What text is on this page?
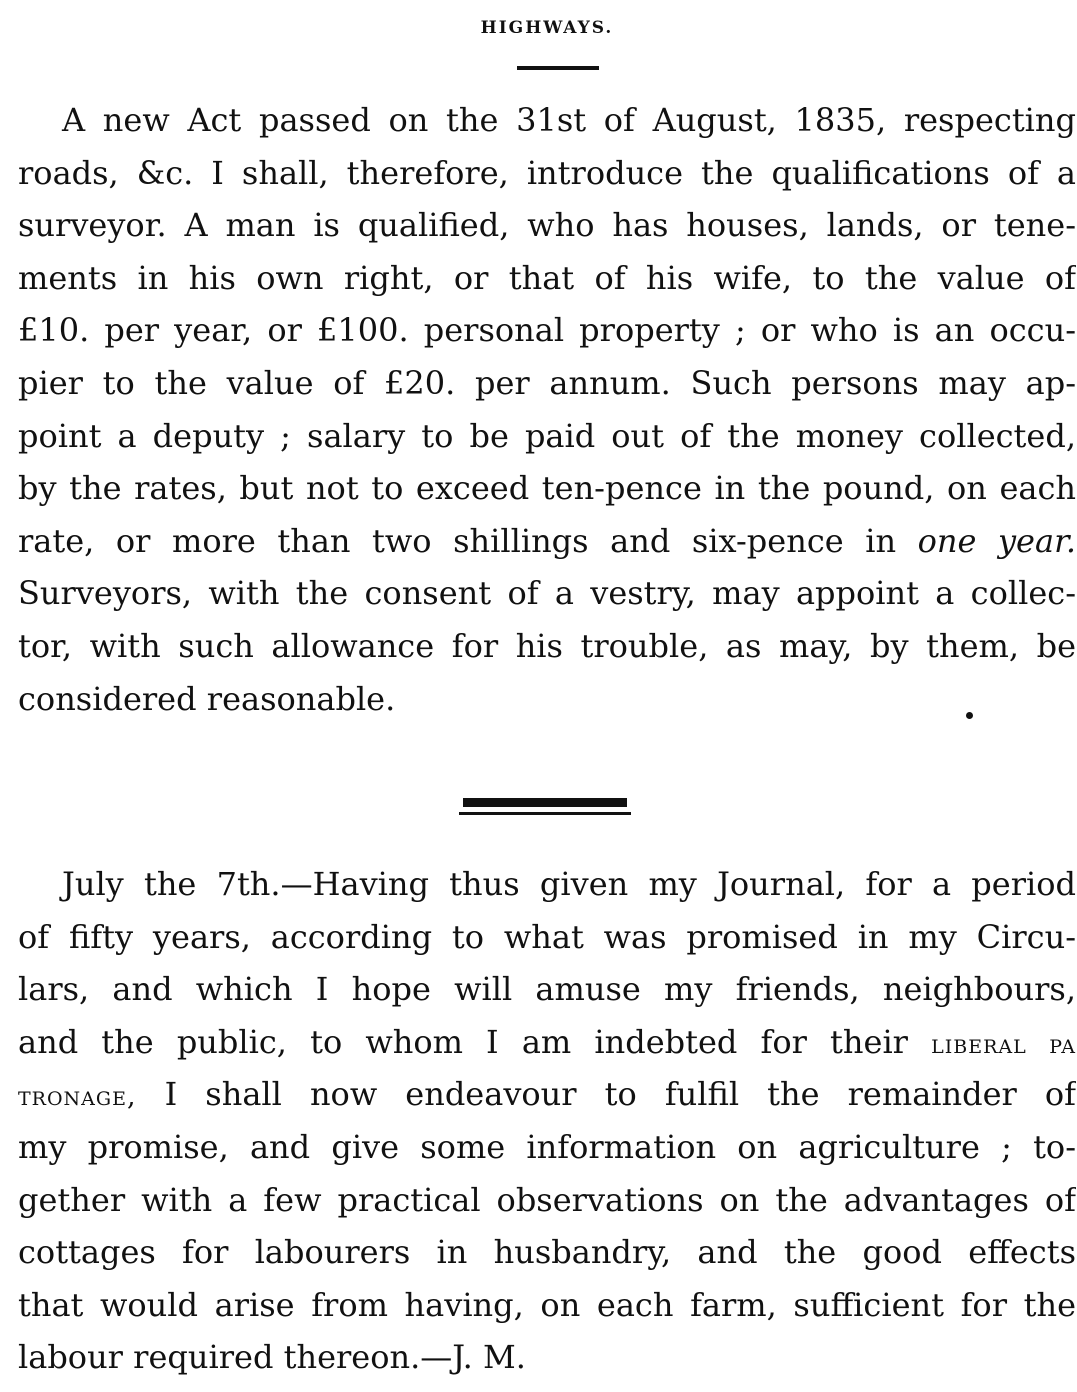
HIGHWAYS.
A new Act passed on the 31st of August, 1835, respecting
roads, &c. I shall, therefore, introduce the qualifications of a
surveyor. A man is qualified, who has houses, lands, or tene-
ments in his own right, or that of his wife, to the value of
£10. per year, or £100. personal property ; or who is an occu-
pier to the value of £20. per annum. Such persons may ap-
point a deputy ; salary to be paid out of the money collected,
by the rates, but not to exceed ten-pence in the pound, on each
rate, or more than two shillings and six-pence in one year.
Surveyors, with the consent of a vestry, may appoint a collec-
tor, with such allowance for his trouble, as may, by them, be
considered reasonable.
July the 7th.—Having thus given my Journal, for a period
of fifty years, according to what was promised in my Circu-
lars, and which I hope will amuse my friends, neighbours,
and the public, to whom I am indebted for their liberal pa
tronage, I shall now endeavour to fulfil the remainder of
my promise, and give some information on agriculture ; to-
gether with a few practical observations on the advantages of
cottages for labourers in husbandry, and the good effects
that would arise from having, on each farm, sufficient for the
labour required thereon.—J. M.
